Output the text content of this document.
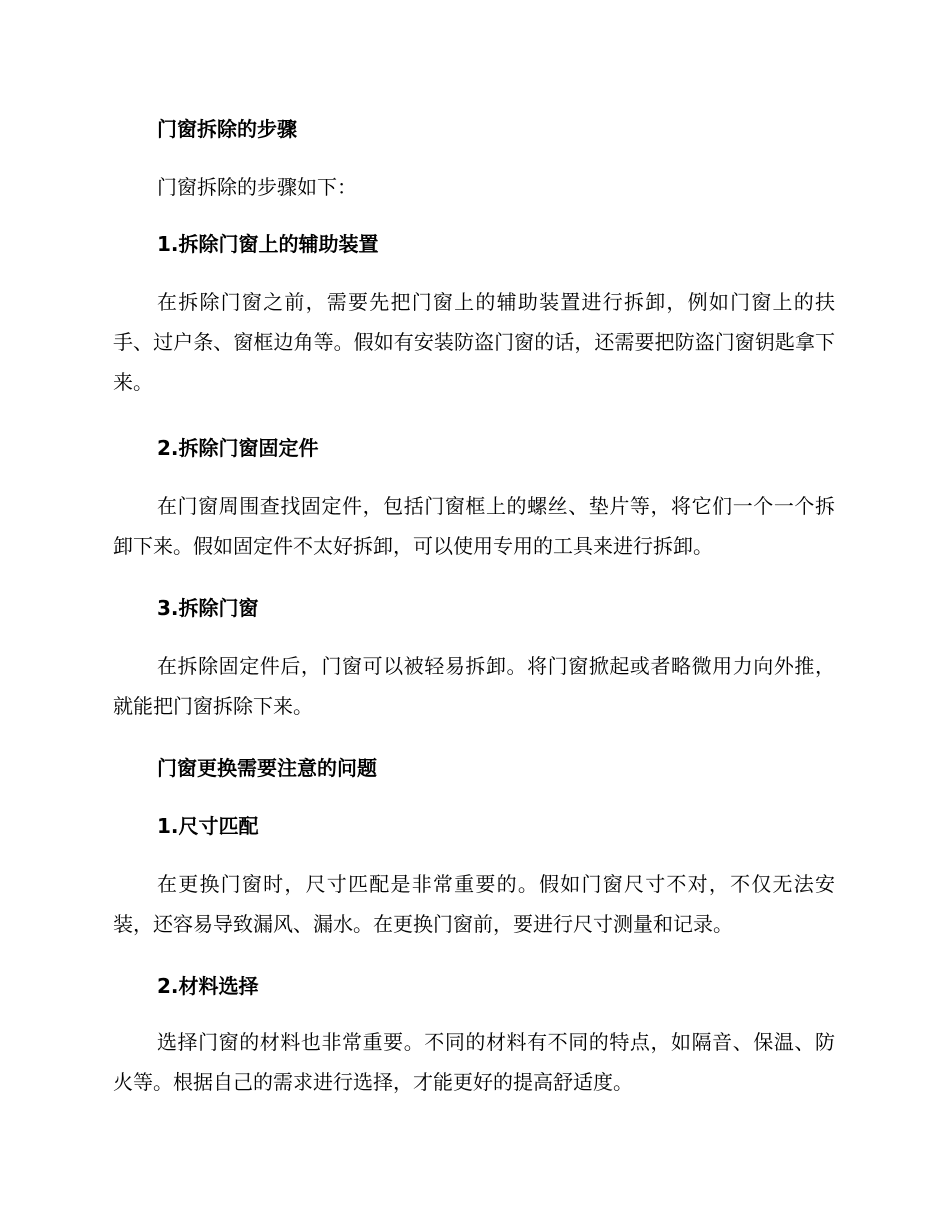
门窗拆除的步骤

门窗拆除的步骤如下：

1.拆除门窗上的辅助装置

在拆除门窗之前，需要先把门窗上的辅助装置进行拆卸，例如门窗上的扶手、过户条、窗框边角等。假如有安装防盗门窗的话，还需要把防盗门窗钥匙拿下来。

2.拆除门窗固定件

在门窗周围查找固定件，包括门窗框上的螺丝、垫片等，将它们一个一个拆卸下来。假如固定件不太好拆卸，可以使用专用的工具来进行拆卸。

3.拆除门窗

在拆除固定件后，门窗可以被轻易拆卸。将门窗掀起或者略微用力向外推，就能把门窗拆除下来。

门窗更换需要注意的问题

1.尺寸匹配

在更换门窗时，尺寸匹配是非常重要的。假如门窗尺寸不对，不仅无法安装，还容易导致漏风、漏水。在更换门窗前，要进行尺寸测量和记录。

2.材料选择

选择门窗的材料也非常重要。不同的材料有不同的特点，如隔音、保温、防火等。根据自己的需求进行选择，才能更好的提高舒适度。
